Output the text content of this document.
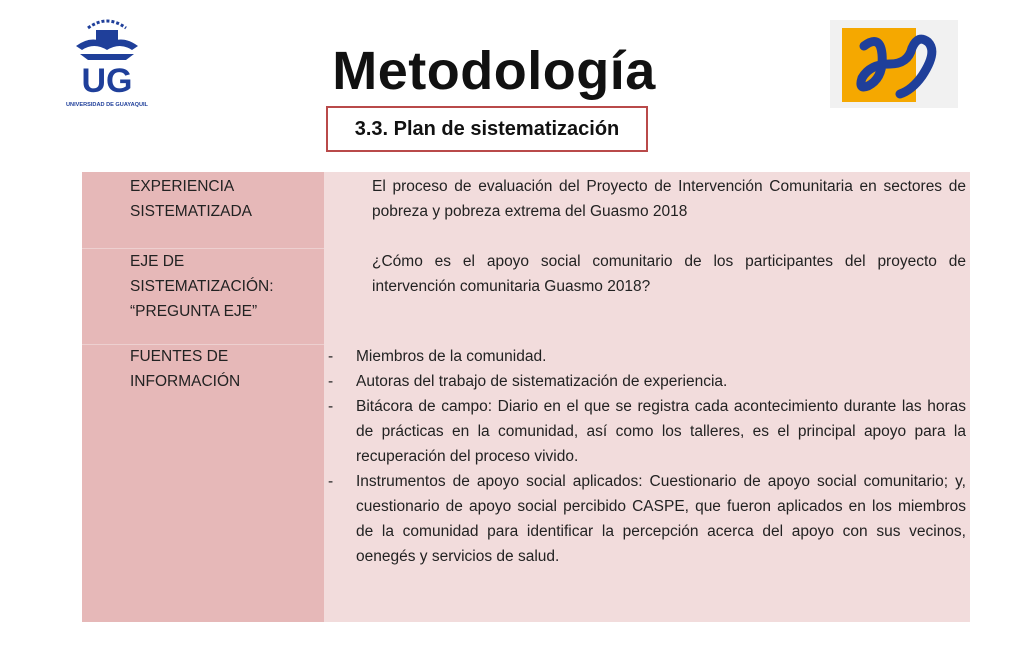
UG
UNIVERSIDAD DE GUAYAQUIL
Metodología
3.3. Plan de sistematización
EXPERIENCIA
SISTEMATIZADA
El proceso de evaluación del Proyecto de Intervención Comunitaria en sectores de pobreza y pobreza extrema del Guasmo 2018
EJE DE
SISTEMATIZACIÓN:
“PREGUNTA EJE”
¿Cómo es el apoyo social comunitario de los participantes del proyecto de intervención comunitaria Guasmo 2018?
FUENTES DE
INFORMACIÓN
- Miembros de la comunidad.
- Autoras del trabajo de sistematización de experiencia.
- Bitácora de campo: Diario en el que se registra cada acontecimiento durante las horas de prácticas en la comunidad, así como los talleres, es el principal apoyo para la recuperación del proceso vivido.
- Instrumentos de apoyo social aplicados: Cuestionario de apoyo social comunitario; y, cuestionario de apoyo social percibido CASPE, que fueron aplicados en los miembros de la comunidad para identificar la percepción acerca del apoyo con sus vecinos, oenegés y servicios de salud.
